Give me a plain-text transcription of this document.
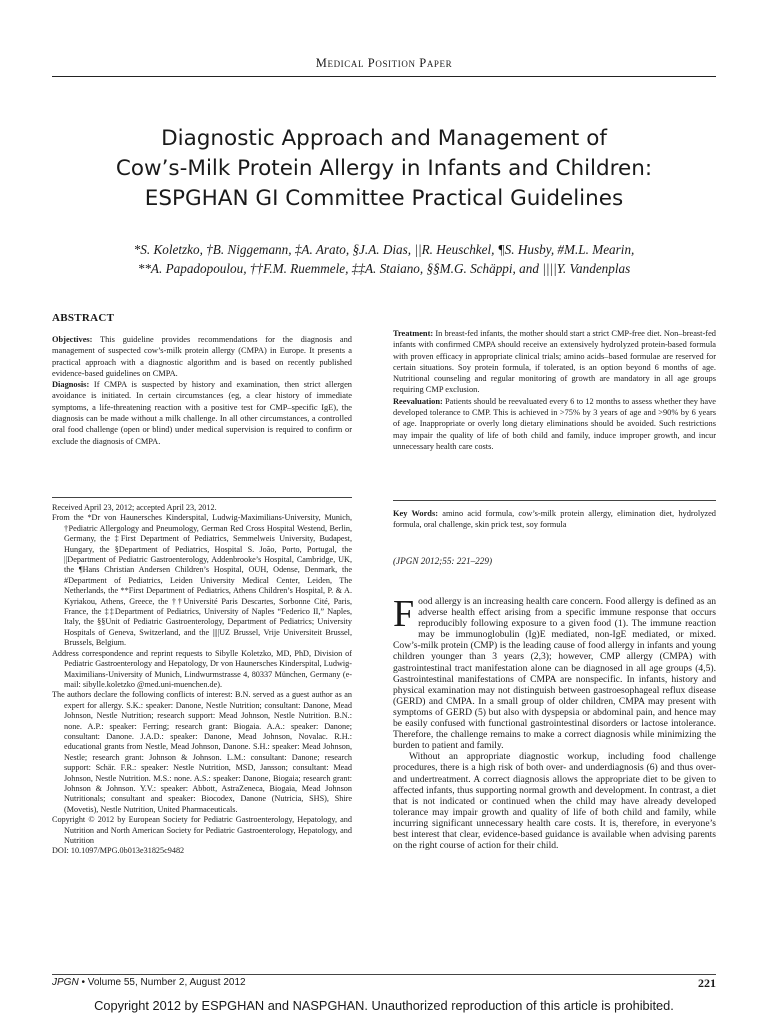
Medical Position Paper
Diagnostic Approach and Management of
Cow’s-Milk Protein Allergy in Infants and Children:
ESPGHAN GI Committee Practical Guidelines
*S. Koletzko, †B. Niggemann, ‡A. Arato, §J.A. Dias, ||R. Heuschkel, ¶S. Husby, #M.L. Mearin,
**A. Papadopoulou, ††F.M. Ruemmele, ‡‡A. Staiano, §§M.G. Schäppi, and ||||Y. Vandenplas
ABSTRACT

Objectives: This guideline provides recommendations for the diagnosis and management of suspected cow’s-milk protein allergy (CMPA) in Europe. It presents a practical approach with a diagnostic algorithm and is based on recently published evidence-based guidelines on CMPA.

Diagnosis: If CMPA is suspected by history and examination, then strict allergen avoidance is initiated. In certain circumstances (eg, a clear history of immediate symptoms, a life-threatening reaction with a positive test for CMP–specific IgE), the diagnosis can be made without a milk challenge. In all other circumstances, a controlled oral food challenge (open or blind) under medical supervision is required to confirm or exclude the diagnosis of CMPA.

Treatment: In breast-fed infants, the mother should start a strict CMP-free diet. Non–breast-fed infants with confirmed CMPA should receive an extensively hydrolyzed protein-based formula with proven efficacy in appropriate clinical trials; amino acids–based formulae are reserved for certain situations. Soy protein formula, if tolerated, is an option beyond 6 months of age. Nutritional counseling and regular monitoring of growth are mandatory in all age groups requiring CMP exclusion.

Reevaluation: Patients should be reevaluated every 6 to 12 months to assess whether they have developed tolerance to CMP. This is achieved in >75% by 3 years of age and >90% by 6 years of age. Inappropriate or overly long dietary eliminations should be avoided. Such restrictions may impair the quality of life of both child and family, induce improper growth, and incur unnecessary health care costs.

Received April 23, 2012; accepted April 23, 2012.

From the *Dr von Haunersches Kinderspital, Ludwig-Maximilians-University, Munich, †Pediatric Allergology and Pneumology, German Red Cross Hospital Westend, Berlin, Germany, the ‡First Department of Pediatrics, Semmelweis University, Budapest, Hungary, the §Department of Pediatrics, Hospital S. João, Porto, Portugal, the ||Department of Pediatric Gastroenterology, Addenbrooke’s Hospital, Cambridge, UK, the ¶Hans Christian Andersen Children’s Hospital, OUH, Odense, Denmark, the #Department of Pediatrics, Leiden University Medical Center, Leiden, The Netherlands, the **First Department of Pediatrics, Athens Children’s Hospital, P. & A. Kyriakou, Athens, Greece, the ††Université Paris Descartes, Sorbonne Cité, Paris, France, the ‡‡Department of Pediatrics, University of Naples “Federico II,” Naples, Italy, the §§Unit of Pediatric Gastroenterology, Department of Pediatrics; University Hospitals of Geneva, Switzerland, and the ||||UZ Brussel, Vrije Universiteit Brussel, Brussels, Belgium.

Address correspondence and reprint requests to Sibylle Koletzko, MD, PhD, Division of Pediatric Gastroenterology and Hepatology, Dr von Haunersches Kinderspital, Ludwig-Maximilians-University of Munich, Lindwurmstrasse 4, 80337 München, Germany (e-mail: sibylle.koletzko @med.uni-muenchen.de).

The authors declare the following conflicts of interest: B.N. served as a guest author as an expert for allergy. S.K.: speaker: Danone, Nestle Nutrition; consultant: Danone, Mead Johnson, Nestle Nutrition; research support: Mead Johnson, Nestle Nutrition. B.N.: none. A.P.: speaker: Ferring; research grant: Biogaia. A.A.: speaker: Danone; consultant: Danone. J.A.D.: speaker: Danone, Mead Johnson, Novalac. R.H.: educational grants from Nestle, Mead Johnson, Danone. S.H.: speaker: Mead Johnson, Nestle; research grant: Johnson & Johnson. L.M.: consultant: Danone; research support: Schär. F.R.: speaker: Nestle Nutrition, MSD, Jansson; consultant: Mead Johnson, Nestle Nutrition. M.S.: none. A.S.: speaker: Danone, Biogaia; research grant: Johnson & Johnson. Y.V.: speaker: Abbott, AstraZeneca, Biogaia, Mead Johnson Nutritionals; consultant and speaker: Biocodex, Danone (Nutricia, SHS), Shire (Movetis), Nestle Nutrition, United Pharmaceuticals.

Copyright © 2012 by European Society for Pediatric Gastroenterology, Hepatology, and Nutrition and North American Society for Pediatric Gastroenterology, Hepatology, and Nutrition

DOI: 10.1097/MPG.0b013e31825c9482

Key Words: amino acid formula, cow’s-milk protein allergy, elimination diet, hydrolyzed formula, oral challenge, skin prick test, soy formula

(JPGN 2012;55: 221–229)

Food allergy is an increasing health care concern. Food allergy is defined as an adverse health effect arising from a specific immune response that occurs reproducibly following exposure to a given food (1). The immune reaction may be immunoglobulin (Ig)E mediated, non-IgE mediated, or mixed. Cow’s-milk protein (CMP) is the leading cause of food allergy in infants and young children younger than 3 years (2,3); however, CMP allergy (CMPA) with gastrointestinal tract manifestation alone can be diagnosed in all age groups (4,5). Gastrointestinal manifestations of CMPA are nonspecific. In infants, history and physical examination may not distinguish between gastroesophageal reflux disease (GERD) and CMPA. In a small group of older children, CMPA may present with symptoms of GERD (5) but also with dyspepsia or abdominal pain, and hence may be easily confused with functional gastrointestinal disorders or lactose intolerance. Therefore, the challenge remains to make a correct diagnosis while minimizing the burden to patient and family.

Without an appropriate diagnostic workup, including food challenge procedures, there is a high risk of both over- and underdiagnosis (6) and thus over- and undertreatment. A correct diagnosis allows the appropriate diet to be given to affected infants, thus supporting normal growth and development. In contrast, a diet that is not indicated or continued when the child may have already developed tolerance may impair growth and quality of life of both child and family, while incurring significant unnecessary health care costs. It is, therefore, in everyone’s best interest that clear, evidence-based guidance is available when advising parents on the right course of action for their child.

JPGN • Volume 55, Number 2, August 2012	221
Copyright 2012 by ESPGHAN and NASPGHAN. Unauthorized reproduction of this article is prohibited.
